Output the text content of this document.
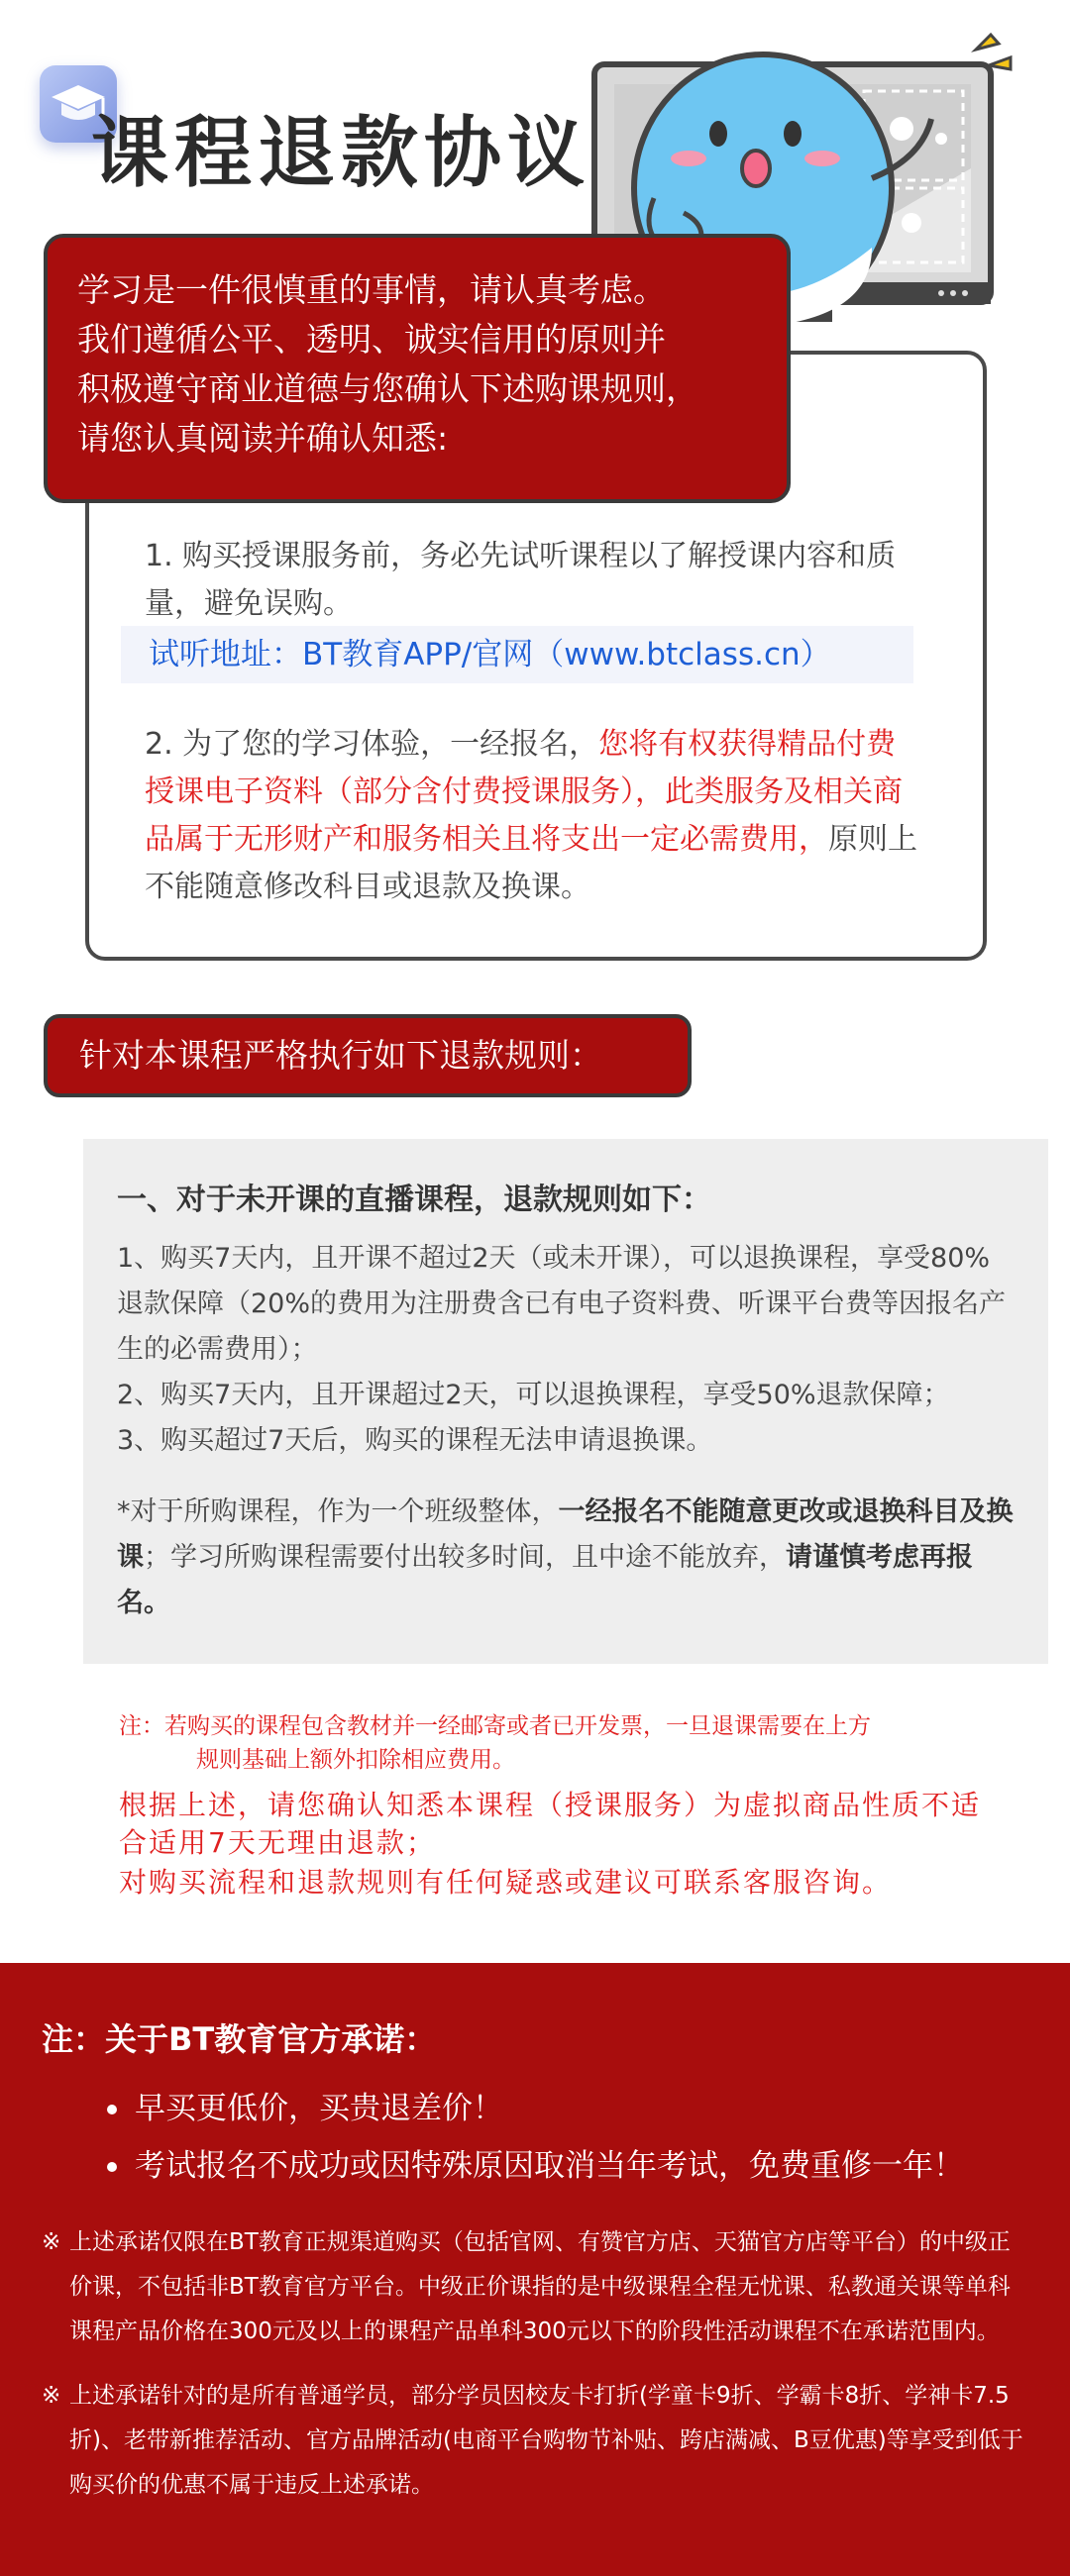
课程退款协议
学习是一件很慎重的事情，请认真考虑。
我们遵循公平、透明、诚实信用的原则并
积极遵守商业道德与您确认下述购课规则，
请您认真阅读并确认知悉:
1. 购买授课服务前，务必先试听课程以了解授课内容和质量，避免误购。
试听地址：BT教育APP/官网（www.btclass.cn）
2. 为了您的学习体验，一经报名，您将有权获得精品付费授课电子资料（部分含付费授课服务），此类服务及相关商品属于无形财产和服务相关且将支出一定必需费用，原则上不能随意修改科目或退款及换课。
针对本课程严格执行如下退款规则：
一、对于未开课的直播课程，退款规则如下：

1、购买7天内，且开课不超过2天（或未开课），可以退换课程，享受80%退款保障（20%的费用为注册费含已有电子资料费、听课平台费等因报名产生的必需费用）；

2、购买7天内，且开课超过2天，可以退换课程，享受50%退款保障；

3、购买超过7天后，购买的课程无法申请退换课。

*对于所购课程，作为一个班级整体，一经报名不能随意更改或退换科目及换课；学习所购课程需要付出较多时间，且中途不能放弃，请谨慎考虑再报名。

注：若购买的课程包含教材并一经邮寄或者已开发票，一旦退课需要在上方
规则基础上额外扣除相应费用。
根据上述，请您确认知悉本课程（授课服务）为虚拟商品性质不适合适用7天无理由退款；
对购买流程和退款规则有任何疑惑或建议可联系客服咨询。
注：关于BT教育官方承诺：
早买更低价，买贵退差价！
考试报名不成功或因特殊原因取消当年考试，免费重修一年！
※ 上述承诺仅限在BT教育正规渠道购买（包括官网、有赞官方店、天猫官方店等平台）的中级正价课，不包括非BT教育官方平台。中级正价课指的是中级课程全程无忧课、私教通关课等单科课程产品价格在300元及以上的课程产品单科300元以下的阶段性活动课程不在承诺范围内。
※ 上述承诺针对的是所有普通学员，部分学员因校友卡打折(学童卡9折、学霸卡8折、学神卡7.5折)、老带新推荐活动、官方品牌活动(电商平台购物节补贴、跨店满减、B豆优惠)等享受到低于购买价的优惠不属于违反上述承诺。
